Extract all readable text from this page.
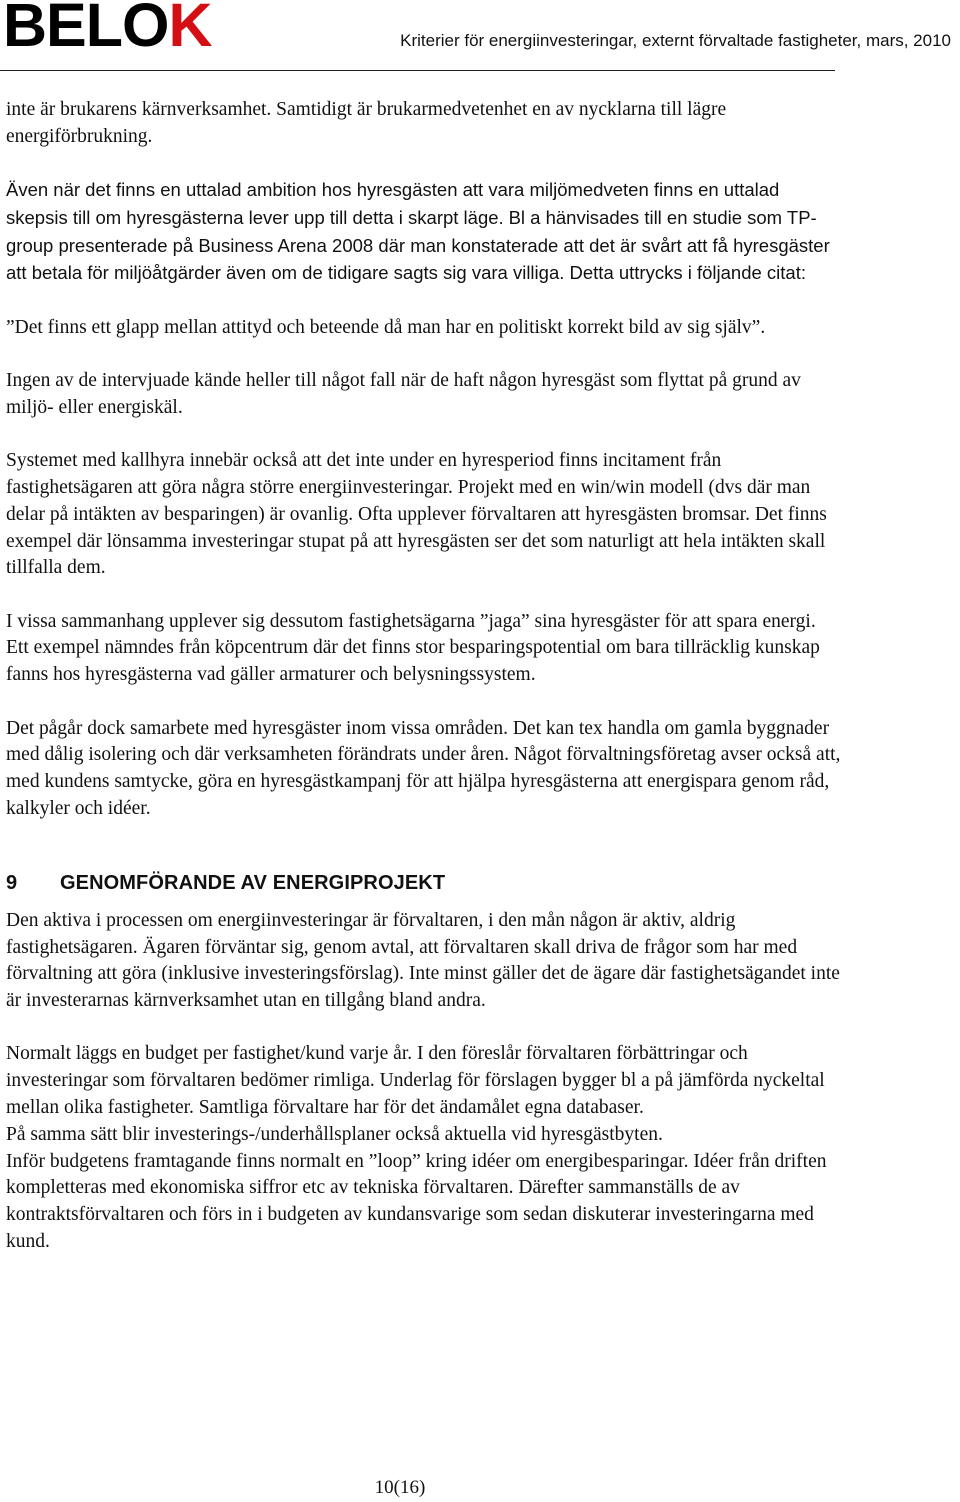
BELOK	Kriterier för energiinvesteringar, externt förvaltade fastigheter, mars, 2010

inte är brukarens kärnverksamhet. Samtidigt är brukarmedvetenhet en av nycklarna till lägre energiförbrukning.

Även när det finns en uttalad ambition hos hyresgästen att vara miljömedveten finns en uttalad skepsis till om hyresgästerna lever upp till detta i skarpt läge. Bl a hänvisades till en studie som TP-group presenterade på Business Arena 2008 där man konstaterade att det är svårt att få hyresgäster att betala för miljöåtgärder även om de tidigare sagts sig vara villiga. Detta uttrycks i följande citat:

”Det finns ett glapp mellan attityd och beteende då man har en politiskt korrekt bild av sig själv”.

Ingen av de intervjuade kände heller till något fall när de haft någon hyresgäst som flyttat på grund av miljö- eller energiskäl.

Systemet med kallhyra innebär också att det inte under en hyresperiod finns incitament från fastighetsägaren att göra några större energiinvesteringar. Projekt med en win/win modell (dvs där man delar på intäkten av besparingen) är ovanlig. Ofta upplever förvaltaren att hyresgästen bromsar. Det finns exempel där lönsamma investeringar stupat på att hyresgästen ser det som naturligt att hela intäkten skall tillfalla dem.

I vissa sammanhang upplever sig dessutom fastighetsägarna ”jaga” sina hyresgäster för att spara energi. Ett exempel nämndes från köpcentrum där det finns stor besparingspotential om bara tillräcklig kunskap fanns hos hyresgästerna vad gäller armaturer och belysningssystem.

Det pågår dock samarbete med hyresgäster inom vissa områden. Det kan tex handla om gamla byggnader med dålig isolering och där verksamheten förändrats under åren. Något förvaltningsföretag avser också att, med kundens samtycke, göra en hyresgästkampanj för att hjälpa hyresgästerna att energispara genom råd, kalkyler och idéer.

9 GENOMFÖRANDE AV ENERGIPROJEKT

Den aktiva i processen om energiinvesteringar är förvaltaren, i den mån någon är aktiv, aldrig fastighetsägaren. Ägaren förväntar sig, genom avtal, att förvaltaren skall driva de frågor som har med förvaltning att göra (inklusive investeringsförslag). Inte minst gäller det de ägare där fastighetsägandet inte är investerarnas kärnverksamhet utan en tillgång bland andra.

Normalt läggs en budget per fastighet/kund varje år. I den föreslår förvaltaren förbättringar och investeringar som förvaltaren bedömer rimliga. Underlag för förslagen bygger bl a på jämförda nyckeltal mellan olika fastigheter. Samtliga förvaltare har för det ändamålet egna databaser.

På samma sätt blir investerings-/underhållsplaner också aktuella vid hyresgästbyten.

Inför budgetens framtagande finns normalt en ”loop” kring idéer om energibesparingar. Idéer från driften kompletteras med ekonomiska siffror etc av tekniska förvaltaren. Därefter sammanställs de av kontraktsförvaltaren och förs in i budgeten av kundansvarige som sedan diskuterar investeringarna med kund.

10(16)
